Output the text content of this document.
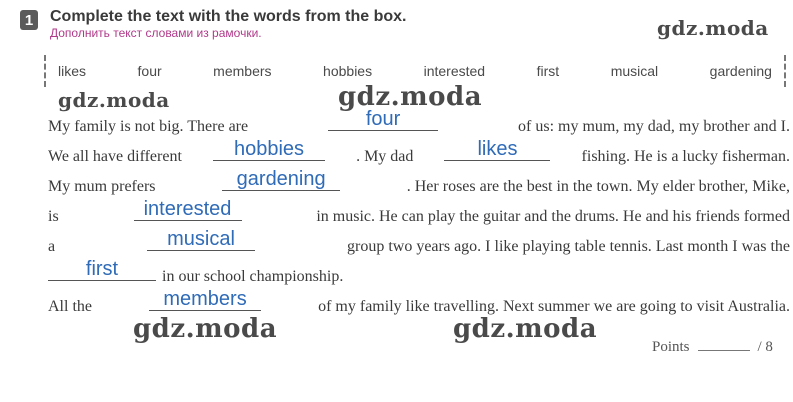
1	Complete the text with the words from the box.
Дополнить текст словами из рамочки.	gdz.moda
likes	four	members	hobbies	interested	first	musical	gardening
gdz.moda	gdz.moda
My family is not big. There are	four	of us: my mum, my dad, my brother and I.
We all have different	hobbies	. My dad	likes	fishing. He is a lucky fisherman.
My mum prefers	gardening	. Her roses are the best in the town. My elder brother, Mike,
is	interested	in music. He can play the guitar and the drums. He and his friends formed
a	musical	group two years ago. I like playing table tennis. Last month I was the
first	in our school championship.
All the	members	of my family like travelling. Next summer we are going to visit Australia.
gdz.moda	gdz.moda
Points	/ 8
